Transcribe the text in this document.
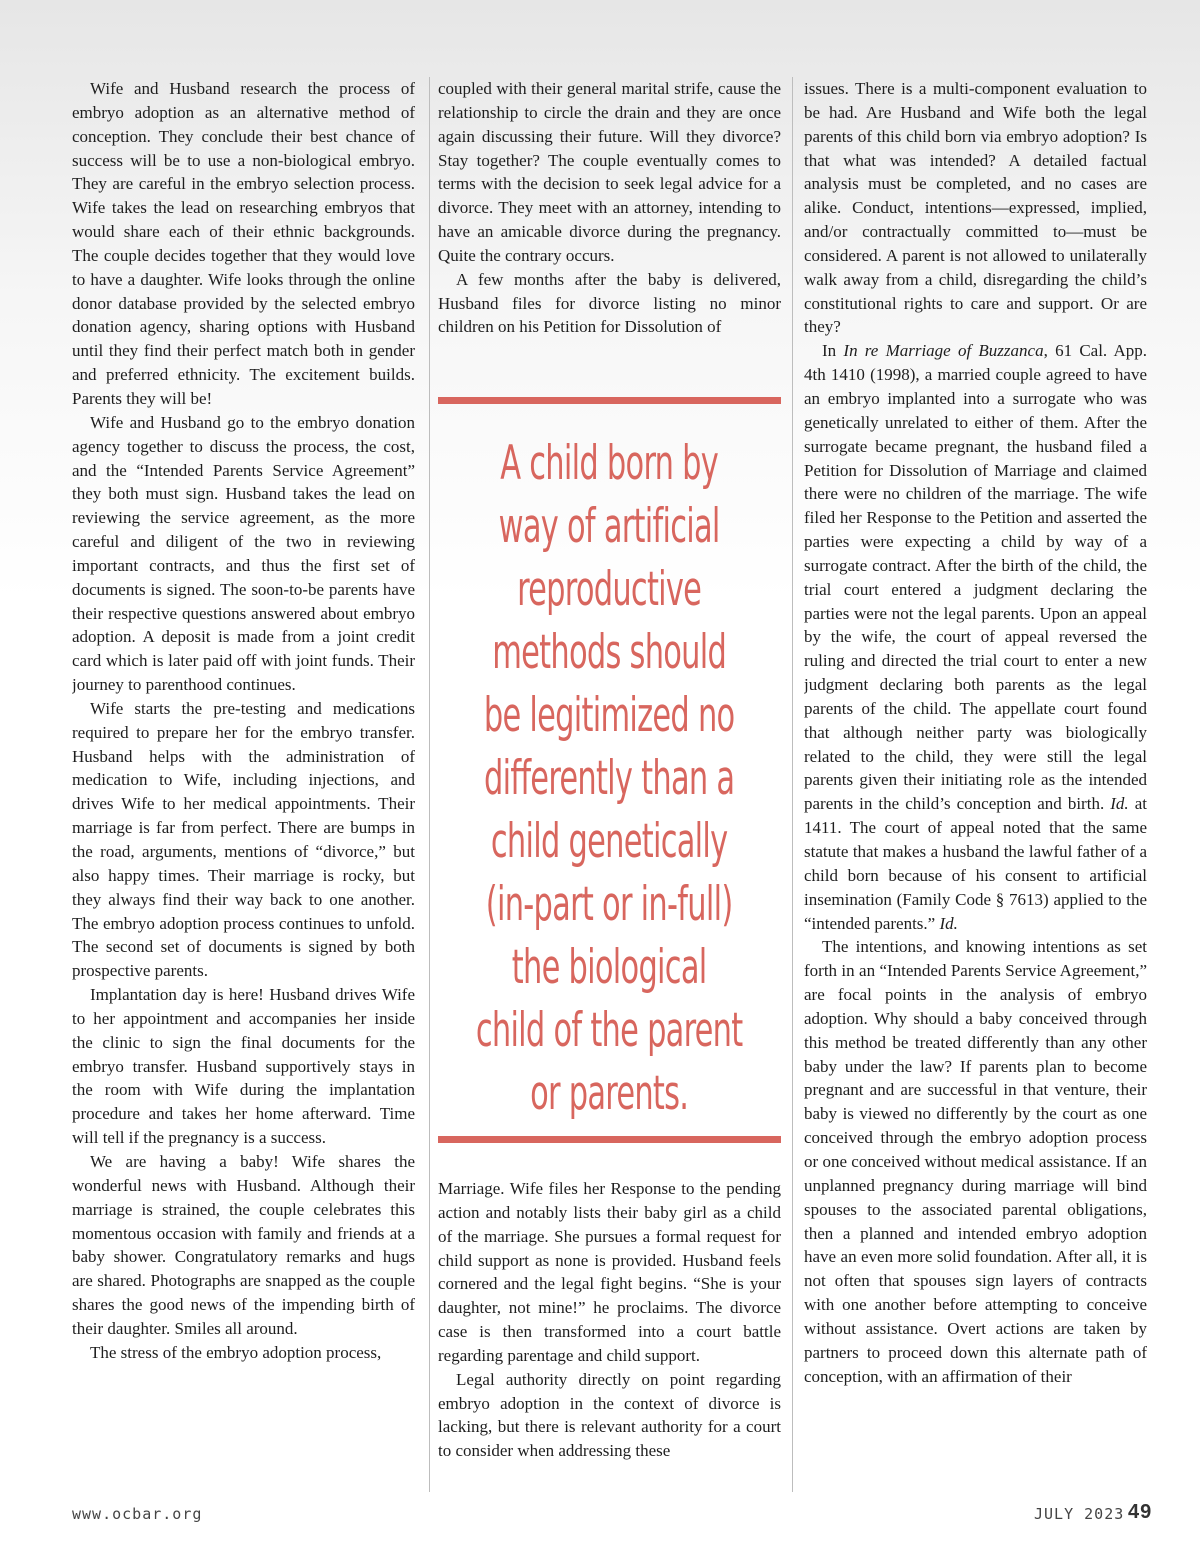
Wife and Husband research the process of embryo adoption as an alternative method of conception. They conclude their best chance of success will be to use a non-biological embryo. They are careful in the embryo selection process. Wife takes the lead on researching embryos that would share each of their ethnic backgrounds. The couple decides together that they would love to have a daughter. Wife looks through the online donor database provided by the selected embryo donation agency, sharing options with Husband until they find their perfect match both in gender and preferred ethnicity. The excitement builds. Parents they will be!

Wife and Husband go to the embryo donation agency together to discuss the process, the cost, and the “Intended Parents Service Agreement” they both must sign. Husband takes the lead on reviewing the service agreement, as the more careful and diligent of the two in reviewing important contracts, and thus the first set of documents is signed. The soon-to-be parents have their respective questions answered about embryo adoption. A deposit is made from a joint credit card which is later paid off with joint funds. Their journey to parenthood continues.

Wife starts the pre-testing and medications required to prepare her for the embryo transfer. Husband helps with the administration of medication to Wife, including injections, and drives Wife to her medical appointments. Their marriage is far from perfect. There are bumps in the road, arguments, mentions of “divorce,” but also happy times. Their marriage is rocky, but they always find their way back to one another. The embryo adoption process continues to unfold. The second set of documents is signed by both prospective parents.

Implantation day is here! Husband drives Wife to her appointment and accompanies her inside the clinic to sign the final documents for the embryo transfer. Husband supportively stays in the room with Wife during the implantation procedure and takes her home afterward. Time will tell if the pregnancy is a success.

We are having a baby! Wife shares the wonderful news with Husband. Although their marriage is strained, the couple celebrates this momentous occasion with family and friends at a baby shower. Congratulatory remarks and hugs are shared. Photographs are snapped as the couple shares the good news of the impending birth of their daughter. Smiles all around.

The stress of the embryo adoption process,

coupled with their general marital strife, cause the relationship to circle the drain and they are once again discussing their future. Will they divorce? Stay together? The couple eventually comes to terms with the decision to seek legal advice for a divorce. They meet with an attorney, intending to have an amicable divorce during the pregnancy. Quite the contrary occurs.

A few months after the baby is delivered, Husband files for divorce listing no minor children on his Petition for Dissolution of

A child born by
way of artificial
reproductive
methods should
be legitimized no
differently than a
child genetically
(in-part or in-full)
the biological
child of the parent
or parents.

Marriage. Wife files her Response to the pending action and notably lists their baby girl as a child of the marriage. She pursues a formal request for child support as none is provided. Husband feels cornered and the legal fight begins. “She is your daughter, not mine!” he proclaims. The divorce case is then transformed into a court battle regarding parentage and child support.

Legal authority directly on point regarding embryo adoption in the context of divorce is lacking, but there is relevant authority for a court to consider when addressing these

issues. There is a multi-component evaluation to be had. Are Husband and Wife both the legal parents of this child born via embryo adoption? Is that what was intended? A detailed factual analysis must be completed, and no cases are alike. Conduct, intentions—expressed, implied, and/or contractually committed to—must be considered. A parent is not allowed to unilaterally walk away from a child, disregarding the child’s constitutional rights to care and support. Or are they?

In In re Marriage of Buzzanca, 61 Cal. App. 4th 1410 (1998), a married couple agreed to have an embryo implanted into a surrogate who was genetically unrelated to either of them. After the surrogate became pregnant, the husband filed a Petition for Dissolution of Marriage and claimed there were no children of the marriage. The wife filed her Response to the Petition and asserted the parties were expecting a child by way of a surrogate contract. After the birth of the child, the trial court entered a judgment declaring the parties were not the legal parents. Upon an appeal by the wife, the court of appeal reversed the ruling and directed the trial court to enter a new judgment declaring both parents as the legal parents of the child. The appellate court found that although neither party was biologically related to the child, they were still the legal parents given their initiating role as the intended parents in the child’s conception and birth. Id. at 1411. The court of appeal noted that the same statute that makes a husband the lawful father of a child born because of his consent to artificial insemination (Family Code § 7613) applied to the “intended parents.” Id.

The intentions, and knowing intentions as set forth in an “Intended Parents Service Agreement,” are focal points in the analysis of embryo adoption. Why should a baby conceived through this method be treated differently than any other baby under the law? If parents plan to become pregnant and are successful in that venture, their baby is viewed no differently by the court as one conceived through the embryo adoption process or one conceived without medical assistance. If an unplanned pregnancy during marriage will bind spouses to the associated parental obligations, then a planned and intended embryo adoption have an even more solid foundation. After all, it is not often that spouses sign layers of contracts with one another before attempting to conceive without assistance. Overt actions are taken by partners to proceed down this alternate path of conception, with an affirmation of their

www.ocbar.org	JULY 2023 49
